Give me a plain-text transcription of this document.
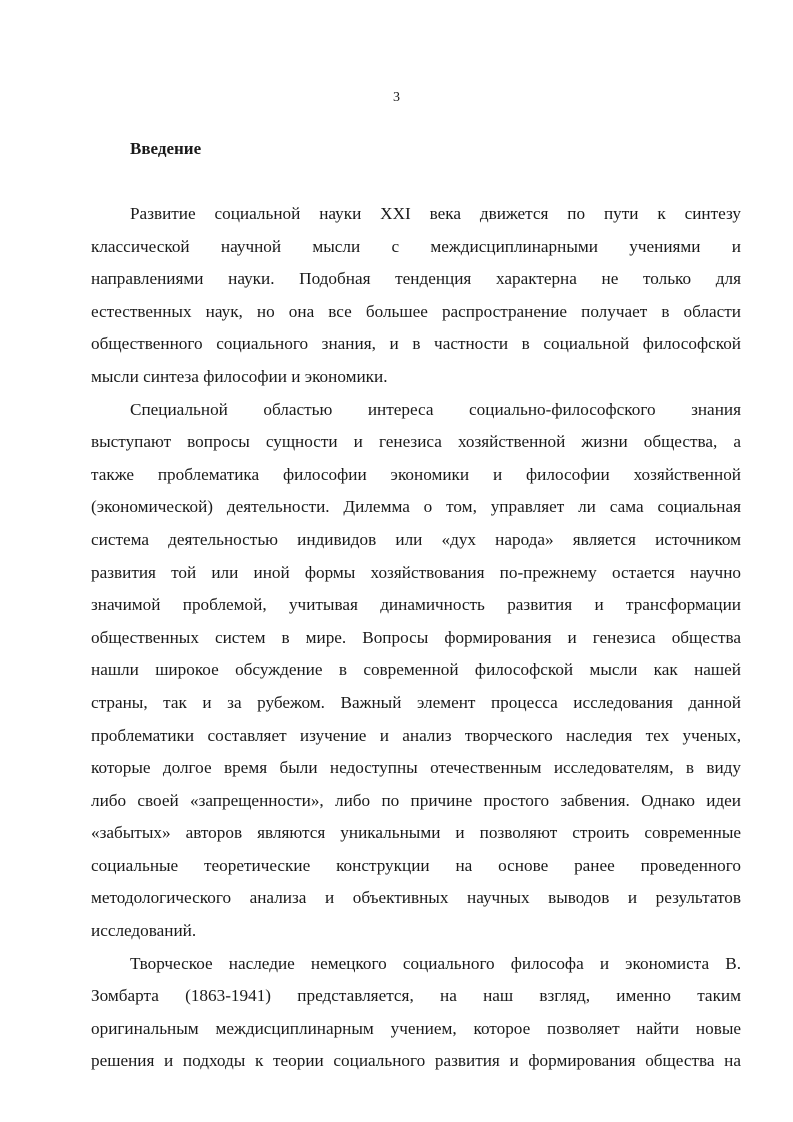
3
Введение
Развитие социальной науки XXI века движется по пути к синтезу
классической научной мысли с междисциплинарными учениями и
направлениями науки. Подобная тенденция характерна не только для
естественных наук, но она все большее распространение получает в области
общественного социального знания, и в частности в социальной философской
мысли синтеза философии и экономики.
Специальной областью интереса социально-философского знания
выступают вопросы сущности и генезиса хозяйственной жизни общества, а
также проблематика философии экономики и философии хозяйственной
(экономической) деятельности. Дилемма о том, управляет ли сама социальная
система деятельностью индивидов или «дух народа» является источником
развития той или иной формы хозяйствования по-прежнему остается научно
значимой проблемой, учитывая динамичность развития и трансформации
общественных систем в мире. Вопросы формирования и генезиса общества
нашли широкое обсуждение в современной философской мысли как нашей
страны, так и за рубежом. Важный элемент процесса исследования данной
проблематики составляет изучение и анализ творческого наследия тех ученых,
которые долгое время были недоступны отечественным исследователям, в виду
либо своей «запрещенности», либо по причине простого забвения. Однако идеи
«забытых» авторов являются уникальными и позволяют строить современные
социальные теоретические конструкции на основе ранее проведенного
методологического анализа и объективных научных выводов и результатов
исследований.
Творческое наследие немецкого социального философа и экономиста В.
Зомбарта (1863-1941) представляется, на наш взгляд, именно таким
оригинальным междисциплинарным учением, которое позволяет найти новые
решения и подходы к теории социального развития и формирования общества на
